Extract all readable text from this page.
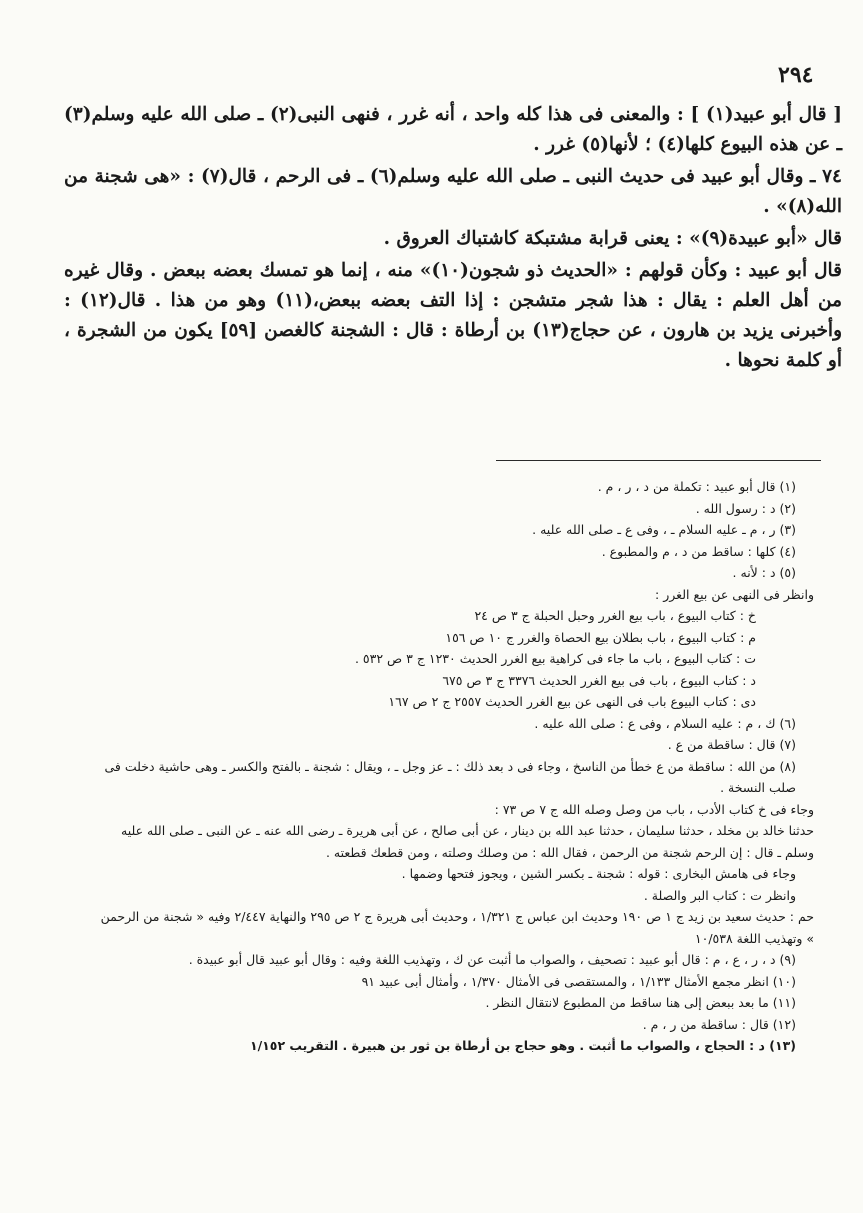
٢٩٤

[ قال أبو عبيد(١) ] : والمعنى فى هذا كله واحد ، أنه غرر ، فنهى النبى(٢) ـ صلى الله عليه وسلم(٣) ـ عن هذه البيوع كلها(٤) ؛ لأنها(٥) غرر .

٧٤ ـ وقال أبو عبيد فى حديث النبى ـ صلى الله عليه وسلم(٦) ـ فى الرحم ، قال(٧) : «هى شجنة من الله(٨)» .

قال «أبو عبيدة(٩)» : يعنى قرابة مشتبكة كاشتباك العروق .

قال أبو عبيد : وكأن قولهم : «الحديث ذو شجون(١٠)» منه ، إنما هو تمسك بعضه ببعض . وقال غيره من أهل العلم : يقال : هذا شجر متشجن : إذا التف بعضه ببعض،(١١) وهو من هذا . قال(١٢) : وأخبرنى يزيد بن هارون ، عن حجاج(١٣) بن أرطاة : قال : الشجنة كالغصن [٥٩] يكون من الشجرة ، أو كلمة نحوها .

(١) قال أبو عبيد : تكملة من د ، ر ، م .

(٢) د : رسول الله .

(٣) ر ، م ـ عليه السلام ـ ، وفى ع ـ صلى الله عليه .

(٤) كلها : ساقط من د ، م والمطبوع .

(٥) د : لأنه .

وانظر فى النهى عن بيع الغرر :

خ : كتاب البيوع ، باب بيع الغرر وحبل الحبلة ج ٣ ص ٢٤

م : كتاب البيوع ، باب بطلان بيع الحصاة والغرر ج ١٠ ص ١٥٦

ت : كتاب البيوع ، باب ما جاء فى كراهية بيع الغرر الحديث ١٢٣٠ ج ٣ ص ٥٣٢ .

د : كتاب البيوع ، باب فى بيع الغرر الحديث ٣٣٧٦ ج ٣ ص ٦٧٥

دى : كتاب البيوع باب فى النهى عن بيع الغرر الحديث ٢٥٥٧ ج ٢ ص ١٦٧

(٦) ك ، م : عليه السلام ، وفى ع : صلى الله عليه .

(٧) قال : ساقطة من ع .

(٨) من الله : ساقطة من ع خطأ من الناسخ ، وجاء فى د بعد ذلك : ـ عز وجل ـ ، ويقال : شجنة ـ بالفتح والكسر ـ وهى حاشية دخلت فى صلب النسخة .

وجاء فى خ كتاب الأدب ، باب من وصل وصله الله ج ٧ ص ٧٣ :

حدثنا خالد بن مخلد ، حدثنا سليمان ، حدثنا عبد الله بن دينار ، عن أبى صالح ، عن أبى هريرة ـ رضى الله عنه ـ عن النبى ـ صلى الله عليه وسلم ـ قال : إن الرحم شجنة من الرحمن ، فقال الله : من وصلك وصلته ، ومن قطعك قطعته .

وجاء فى هامش البخارى : قوله : شجنة ـ بكسر الشين ، ويجوز فتحها وضمها .

وانظر ت : كتاب البر والصلة .

حم : حديث سعيد بن زيد ج ١ ص ١٩٠ وحديث ابن عباس ج ١/٣٢١ ، وحديث أبى هريرة ج ٢ ص ٢٩٥ والنهاية ٢/٤٤٧ وفيه « شجنة من الرحمن » وتهذيب اللغة ١٠/٥٣٨

(٩) د ، ر ، ع ، م : قال أبو عبيد : تصحيف ، والصواب ما أثبت عن ك ، وتهذيب اللغة وفيه : وقال أبو عبيد قال أبو عبيدة .

(١٠) انظر مجمع الأمثال ١/١٣٣ ، والمستقصى فى الأمثال ١/٣٧٠ ، وأمثال أبى عبيد ٩١

(١١) ما بعد ببعض إلى هنا ساقط من المطبوع لانتقال النظر .

(١٢) قال : ساقطة من ر ، م .

(١٣) د : الحجاج ، والصواب ما أثبت . وهو حجاج بن أرطاة بن ثور بن هبيرة . التقريب ١/١٥٢
